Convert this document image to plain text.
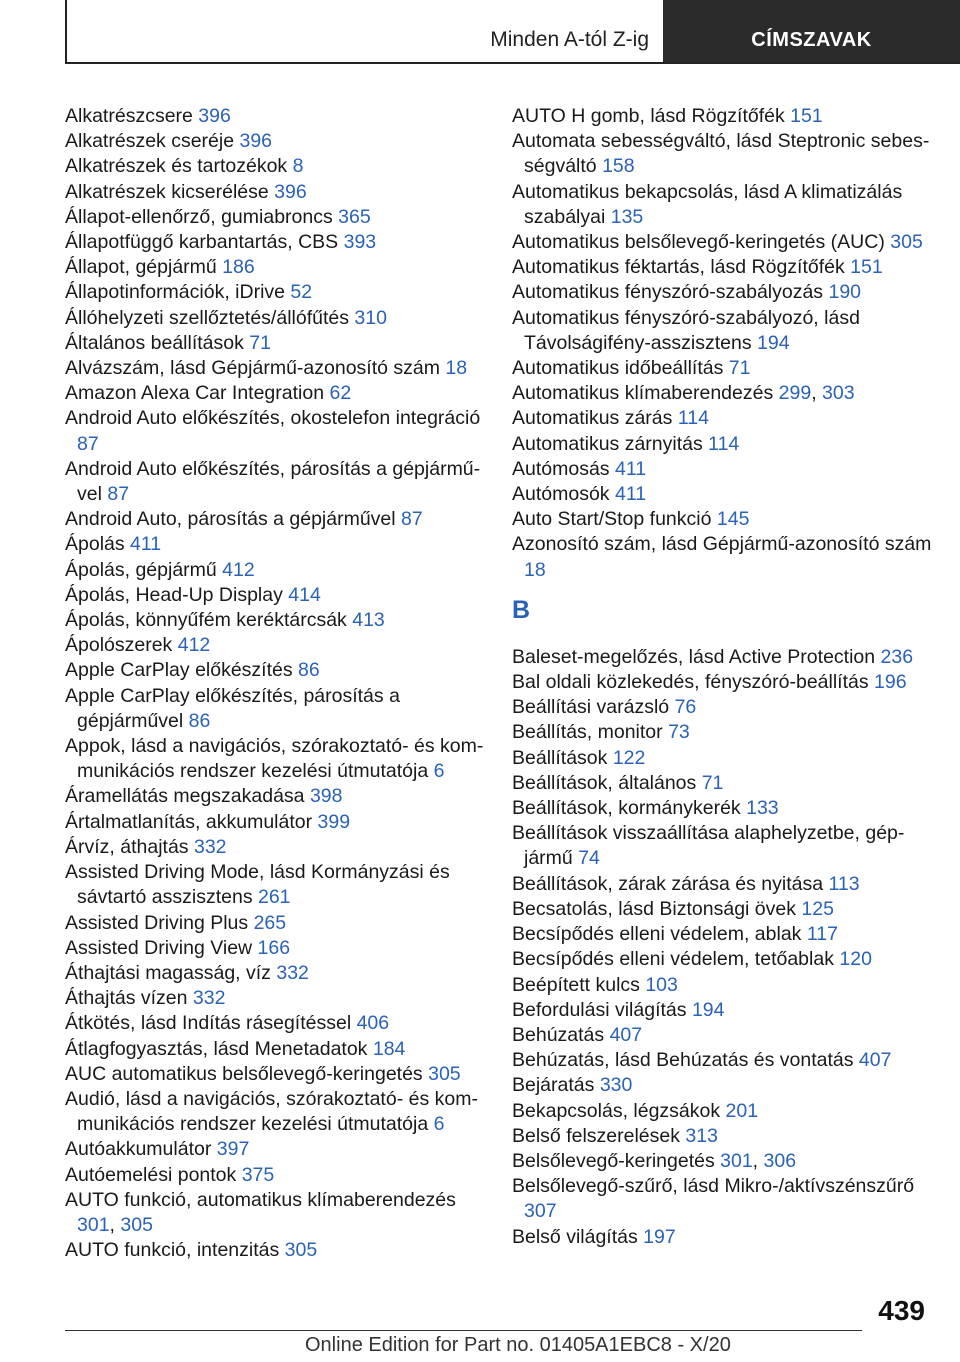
Minden A-tól Z-ig	CÍMSZAVAK
Alkatrészcsere 396
Alkatrészek cseréje 396
Alkatrészek és tartozékok 8
Alkatrészek kicserélése 396
Állapot-ellenőrző, gumiabroncs 365
Állapotfüggő karbantartás, CBS 393
Állapot, gépjármű 186
Állapotinformációk, iDrive 52
Állóhelyzeti szellőztetés/állófűtés 310
Általános beállítások 71
Alvázszám, lásd Gépjármű-azonosító szám 18
Amazon Alexa Car Integration 62
Android Auto előkészítés, okostelefon integráció 87
Android Auto előkészítés, párosítás a gépjárművel 87
Android Auto, párosítás a gépjárművel 87
Ápolás 411
Ápolás, gépjármű 412
Ápolás, Head-Up Display 414
Ápolás, könnyűfém keréktárcsák 413
Ápolószerek 412
Apple CarPlay előkészítés 86
Apple CarPlay előkészítés, párosítás a gépjárművel 86
Appok, lásd a navigációs, szórakoztató- és kommunikációs rendszer kezelési útmutatója 6
Áramellátás megszakadása 398
Ártalmatlanítás, akkumulátor 399
Árvíz, áthajtás 332
Assisted Driving Mode, lásd Kormányzási és sávtartó asszisztens 261
Assisted Driving Plus 265
Assisted Driving View 166
Áthajtási magasság, víz 332
Áthajtás vízen 332
Átkötés, lásd Indítás rásegítéssel 406
Átlagfogyasztás, lásd Menetadatok 184
AUC automatikus belsőlevegő-keringetés 305
Audió, lásd a navigációs, szórakoztató- és kommunikációs rendszer kezelési útmutatója 6
Autóakkumulátor 397
Autóemelési pontok 375
AUTO funkció, automatikus klímaberendezés 301, 305
AUTO funkció, intenzitás 305
AUTO H gomb, lásd Rögzítőfék 151
Automata sebességváltó, lásd Steptronic sebességváltó 158
Automatikus bekapcsolás, lásd A klimatizálás szabályai 135
Automatikus belsőlevegő-keringetés (AUC) 305
Automatikus féktartás, lásd Rögzítőfék 151
Automatikus fényszóró-szabályozás 190
Automatikus fényszóró-szabályozó, lásd Távolságifény-asszisztens 194
Automatikus időbeállítás 71
Automatikus klímaberendezés 299, 303
Automatikus zárás 114
Automatikus zárnyitás 114
Autómosás 411
Autómosók 411
Auto Start/Stop funkció 145
Azonosító szám, lásd Gépjármű-azonosító szám 18
B
Baleset-megelőzés, lásd Active Protection 236
Bal oldali közlekedés, fényszóró-beállítás 196
Beállítási varázsló 76
Beállítás, monitor 73
Beállítások 122
Beállítások, általános 71
Beállítások, kormánykerék 133
Beállítások visszaállítása alaphelyzetbe, gépjármű 74
Beállítások, zárak zárása és nyitása 113
Becsatolás, lásd Biztonsági övek 125
Becsípődés elleni védelem, ablak 117
Becsípődés elleni védelem, tetőablak 120
Beépített kulcs 103
Befordulási világítás 194
Behúzatás 407
Behúzatás, lásd Behúzatás és vontatás 407
Bejáratás 330
Bekapcsolás, légzsákok 201
Belső felszerelések 313
Belsőlevegő-keringetés 301, 306
Belsőlevegő-szűrő, lásd Mikro-/aktívszénszűrő 307
Belső világítás 197
439
Online Edition for Part no. 01405A1EBC8 - X/20
